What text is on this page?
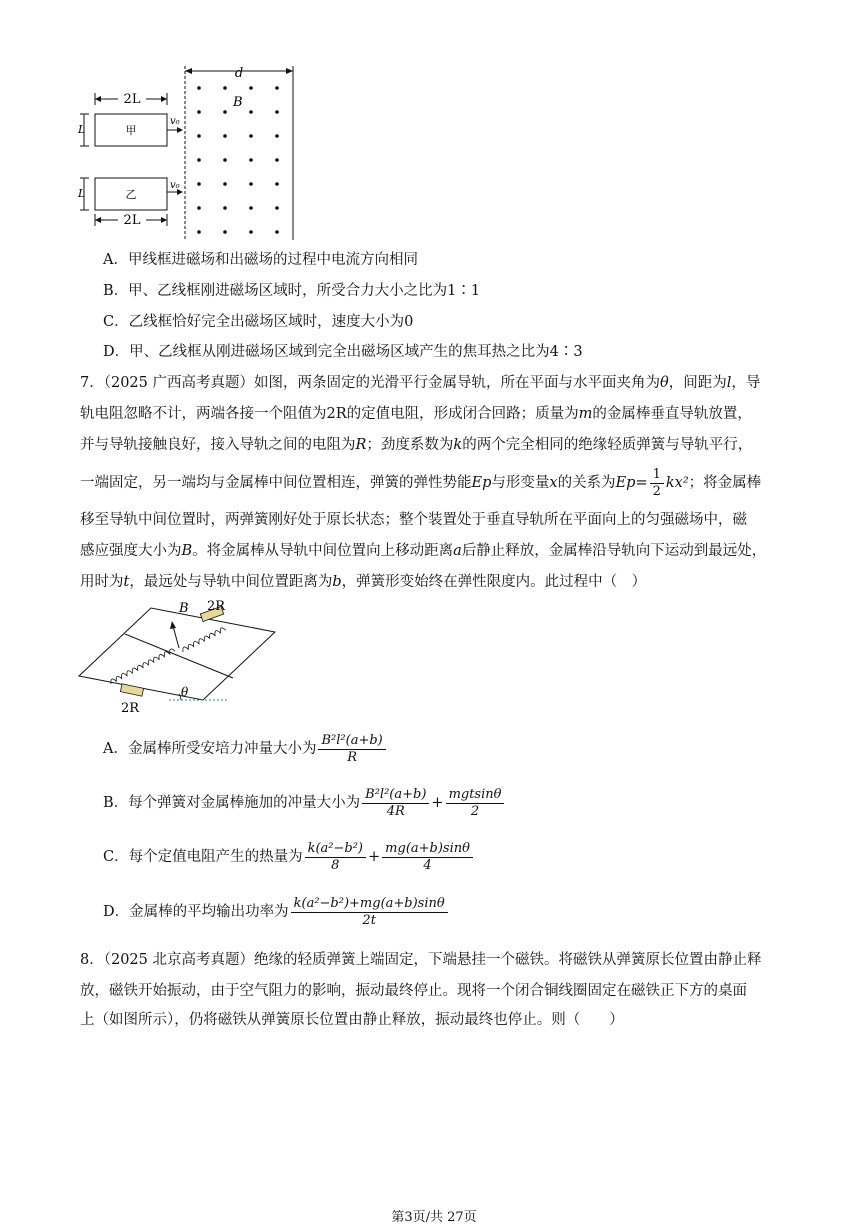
d
B
2L
甲
L
v₀
乙
L
v₀
2L
A．甲线框进磁场和出磁场的过程中电流方向相同
B．甲、乙线框刚进磁场区域时，所受合力大小之比为1∶1
C．乙线框恰好完全出磁场区域时，速度大小为0
D．甲、乙线框从刚进磁场区域到完全出磁场区域产生的焦耳热之比为4∶3
7．（2025 广西高考真题）如图，两条固定的光滑平行金属导轨，所在平面与水平面夹角为θ，间距为l，导
轨电阻忽略不计，两端各接一个阻值为2R的定值电阻，形成闭合回路；质量为m的金属棒垂直导轨放置，
并与导轨接触良好，接入导轨之间的电阻为R；劲度系数为k的两个完全相同的绝缘轻质弹簧与导轨平行，
一端固定，另一端均与金属棒中间位置相连，弹簧的弹性势能Ep与形变量x的关系为$Ep= \frac{1}{2} kx^2$；将金属棒
移至导轨中间位置时，两弹簧刚好处于原长状态；整个装置处于垂直导轨所在平面向上的匀强磁场中，磁
感应强度大小为B。将金属棒从导轨中间位置向上移动距离a后静止释放，金属棒沿导轨向下运动到最远处，
用时为t，最远处与导轨中间位置距离为b，弹簧形变始终在弹性限度内。此过程中（　）
B 2R
2R
θ
A．金属棒所受安培力冲量大小为 $\frac{\text{B²l²(a+b)}}{R}$
B．每个弹簧对金属棒施加的冲量大小为 $\frac{\text{B²l²(a+b)}}{4R} + \frac{\text{mgtsinθ}}{2}$
C．每个定值电阻产生的热量为 $\frac{\text{k(a²−b²)}}{8} + \frac{mg(a+b)\sin\theta}{4}$
D．金属棒的平均输出功率为 $\frac{\text{k(a²−b²)+mg(a+b)sinθ}}{2t}$
8．（2025 北京高考真题）绝缘的轻质弹簧上端固定，下端悬挂一个磁铁。将磁铁从弹簧原长位置由静止释
放，磁铁开始振动，由于空气阻力的影响，振动最终停止。现将一个闭合铜线圈固定在磁铁正下方的桌面
上（如图所示），仍将磁铁从弹簧原长位置由静止释放，振动最终也停止。则（　　）
第3页/共 27页
